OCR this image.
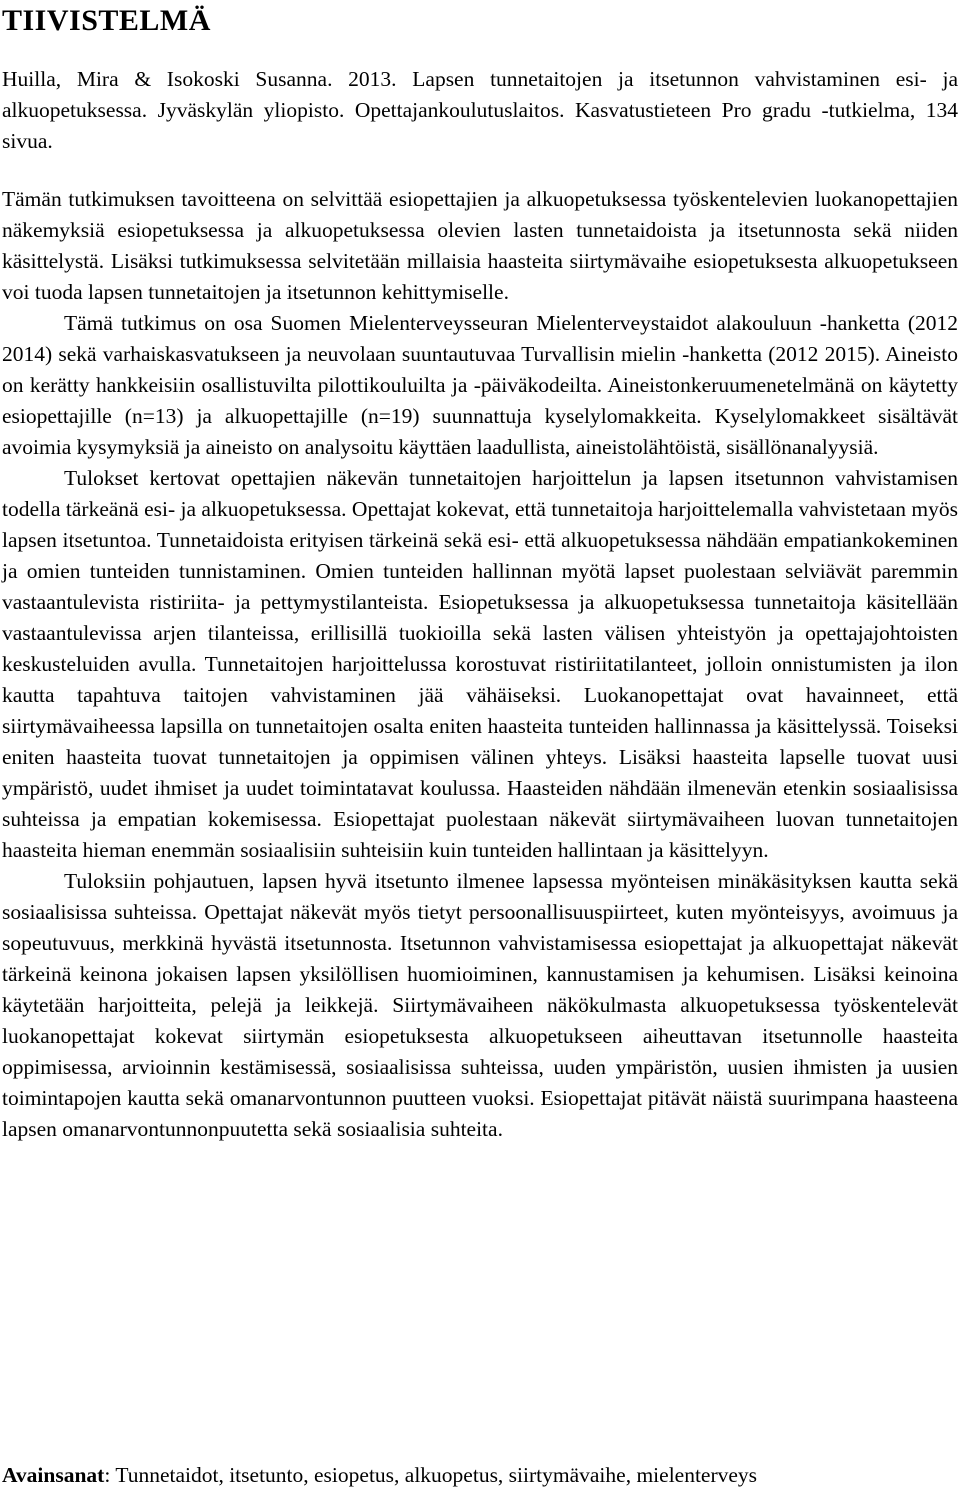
TIIVISTELMÄ
Huilla, Mira & Isokoski Susanna. 2013. Lapsen tunnetaitojen ja itsetunnon vahvistaminen esi- ja alkuopetuksessa. Jyväskylän yliopisto. Opettajankoulutuslaitos. Kasvatustieteen Pro gradu -tutkielma, 134 sivua.

Tämän tutkimuksen tavoitteena on selvittää esiopettajien ja alkuopetuksessa työskentelevien luokanopettajien näkemyksiä esiopetuksessa ja alkuopetuksessa olevien lasten tunnetaidoista ja itsetunnosta sekä niiden käsittelystä. Lisäksi tutkimuksessa selvitetään millaisia haasteita siirtymävaihe esiopetuksesta alkuopetukseen voi tuoda lapsen tunnetaitojen ja itsetunnon kehittymiselle.

Tämä tutkimus on osa Suomen Mielenterveysseuran Mielenterveystaidot alakouluun -hanketta (2012 2014) sekä varhaiskasvatukseen ja neuvolaan suuntautuvaa Turvallisin mielin -hanketta (2012 2015). Aineisto on kerätty hankkeisiin osallistuvilta pilottikouluilta ja -päiväkodeilta. Aineistonkeruumenetelmänä on käytetty esiopettajille (n=13) ja alkuopettajille (n=19) suunnattuja kyselylomakkeita. Kyselylomakkeet sisältävät avoimia kysymyksiä ja aineisto on analysoitu käyttäen laadullista, aineistolähtöistä, sisällönanalyysiä.

Tulokset kertovat opettajien näkevän tunnetaitojen harjoittelun ja lapsen itsetunnon vahvistamisen todella tärkeänä esi- ja alkuopetuksessa. Opettajat kokevat, että tunnetaitoja harjoittelemalla vahvistetaan myös lapsen itsetuntoa. Tunnetaidoista erityisen tärkeinä sekä esi- että alkuopetuksessa nähdään empatiankokeminen ja omien tunteiden tunnistaminen. Omien tunteiden hallinnan myötä lapset puolestaan selviävät paremmin vastaantulevista ristiriita- ja pettymystilanteista. Esiopetuksessa ja alkuopetuksessa tunnetaitoja käsitellään vastaantulevissa arjen tilanteissa, erillisillä tuokioilla sekä lasten välisen yhteistyön ja opettajajohtoisten keskusteluiden avulla. Tunnetaitojen harjoittelussa korostuvat ristiriitatilanteet, jolloin onnistumisten ja ilon kautta tapahtuva taitojen vahvistaminen jää vähäiseksi. Luokanopettajat ovat havainneet, että siirtymävaiheessa lapsilla on tunnetaitojen osalta eniten haasteita tunteiden hallinnassa ja käsittelyssä. Toiseksi eniten haasteita tuovat tunnetaitojen ja oppimisen välinen yhteys. Lisäksi haasteita lapselle tuovat uusi ympäristö, uudet ihmiset ja uudet toimintatavat koulussa. Haasteiden nähdään ilmenevän etenkin sosiaalisissa suhteissa ja empatian kokemisessa. Esiopettajat puolestaan näkevät siirtymävaiheen luovan tunnetaitojen haasteita hieman enemmän sosiaalisiin suhteisiin kuin tunteiden hallintaan ja käsittelyyn.

Tuloksiin pohjautuen, lapsen hyvä itsetunto ilmenee lapsessa myönteisen minäkäsityksen kautta sekä sosiaalisissa suhteissa. Opettajat näkevät myös tietyt persoonallisuuspiirteet, kuten myönteisyys, avoimuus ja sopeutuvuus, merkkinä hyvästä itsetunnosta. Itsetunnon vahvistamisessa esiopettajat ja alkuopettajat näkevät tärkeinä keinona jokaisen lapsen yksilöllisen huomioiminen, kannustamisen ja kehumisen. Lisäksi keinoina käytetään harjoitteita, pelejä ja leikkejä. Siirtymävaiheen näkökulmasta alkuopetuksessa työskentelevät luokanopettajat kokevat siirtymän esiopetuksesta alkuopetukseen aiheuttavan itsetunnolle haasteita oppimisessa, arvioinnin kestämisessä, sosiaalisissa suhteissa, uuden ympäristön, uusien ihmisten ja uusien toimintapojen kautta sekä omanarvontunnon puutteen vuoksi. Esiopettajat pitävät näistä suurimpana haasteena lapsen omanarvontunnonpuutetta sekä sosiaalisia suhteita.

Avainsanat: Tunnetaidot, itsetunto, esiopetus, alkuopetus, siirtymävaihe, mielenterveys
